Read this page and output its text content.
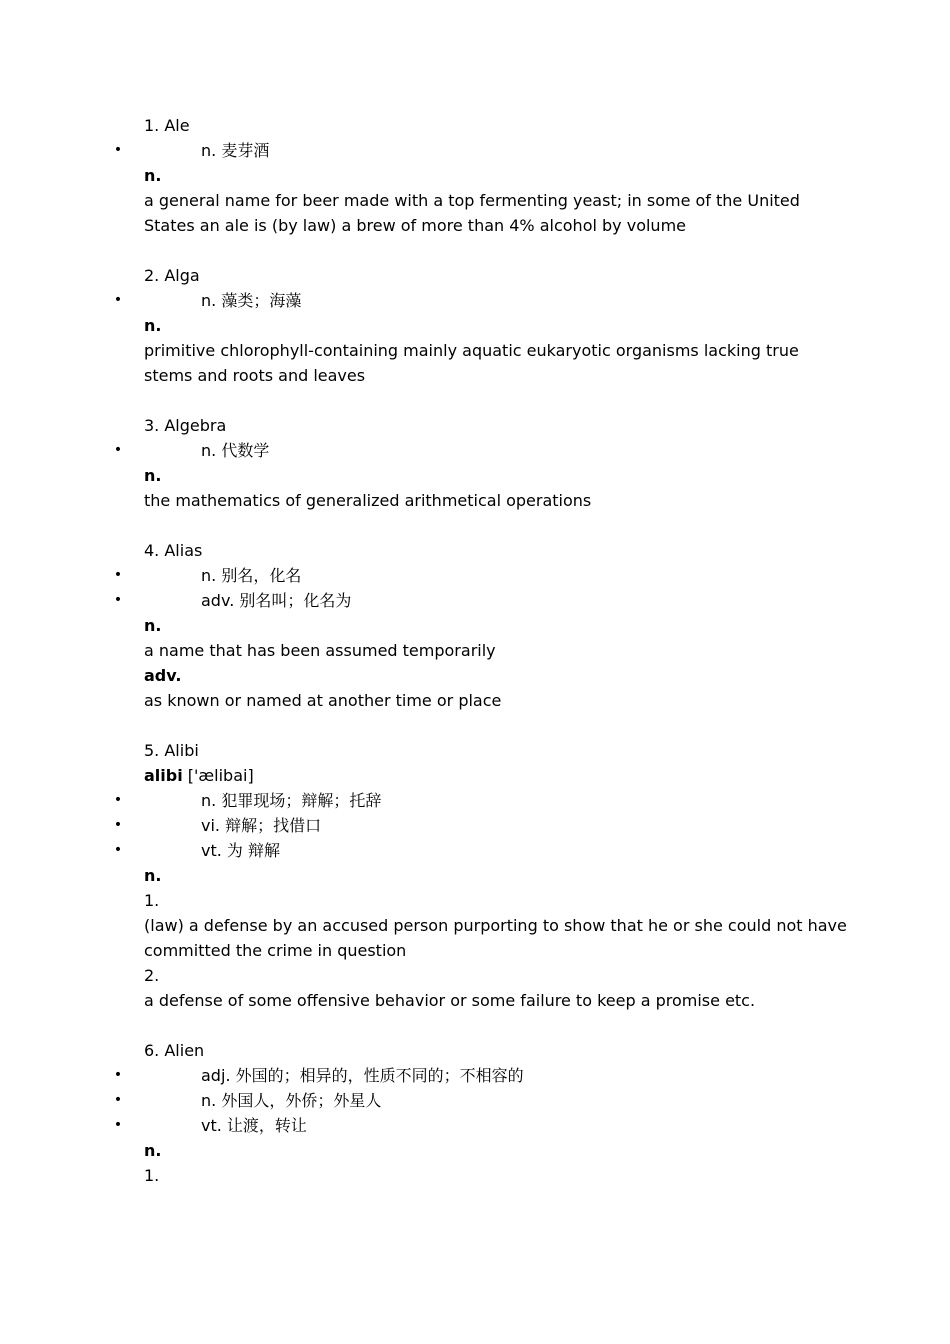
1. Ale
•	n. 麦芽酒
n.
a general name for beer made with a top fermenting yeast; in some of the United
States an ale is (by law) a brew of more than 4% alcohol by volume
2. Alga
•	n. 藻类；海藻
n.
primitive chlorophyll-containing mainly aquatic eukaryotic organisms lacking true
stems and roots and leaves
3. Algebra
•	n. 代数学
n.
the mathematics of generalized arithmetical operations
4. Alias
•	n. 别名，化名
•	adv. 别名叫；化名为
n.
a name that has been assumed temporarily
adv.
as known or named at another time or place
5. Alibi
alibi ['ælibai]
•	n. 犯罪现场；辩解；托辞
•	vi. 辩解；找借口
•	vt. 为 辩解
n.
1.
(law) a defense by an accused person purporting to show that he or she could not have
committed the crime in question
2.
a defense of some offensive behavior or some failure to keep a promise etc.
6. Alien
•	adj. 外国的；相异的，性质不同的；不相容的
•	n. 外国人，外侨；外星人
•	vt. 让渡，转让
n.
1.
